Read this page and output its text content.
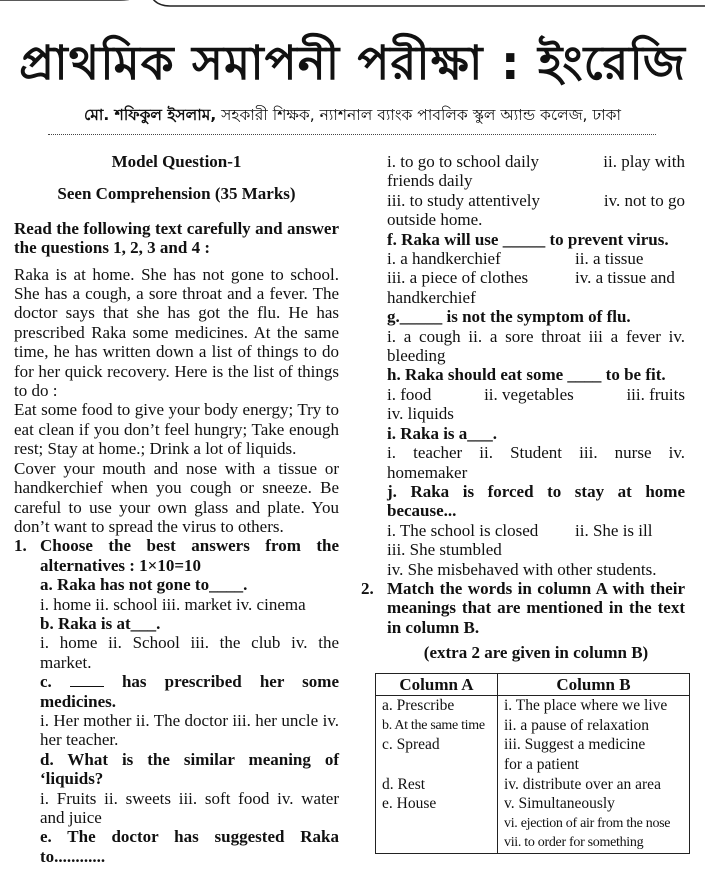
প্রাথমিক সমাপনী পরীক্ষা : ইংরেজি
মো. শফিকুল ইসলাম, সহকারী শিক্ষক, ন্যাশনাল ব্যাংক পাবলিক স্কুল অ্যান্ড কলেজ, ঢাকা
Model Question-1
Seen Comprehension (35 Marks)
Read the following text carefully and answer the questions 1, 2, 3 and 4 :
Raka is at home. She has not gone to school. She has a cough, a sore throat and a fever. The doctor says that she has got the flu. He has prescribed Raka some medicines. At the same time, he has written down a list of things to do for her quick recovery. Here is the list of things to do :
Eat some food to give your body energy; Try to eat clean if you don’t feel hungry; Take enough rest; Stay at home.; Drink a lot of liquids.
Cover your mouth and nose with a tissue or handkerchief when you cough or sneeze. Be careful to use your own glass and plate. You don’t want to spread the virus to others.
1. Choose the best answers from the alternatives : 1×10=10
a. Raka has not gone to____.
i. home ii. school iii. market iv. cinema
b. Raka is at___.
i. home ii. School iii. the club iv. the market.
c.  has prescribed her some medicines.
i. Her mother ii. The doctor iii. her uncle iv. her teacher.
d. What is the similar meaning of ‘liquids?
i. Fruits ii. sweets iii. soft food iv. water and juice
e. The doctor has suggested Raka to............
i. to go to school daily	ii. play with
friends daily
iii. to study attentively	iv. not to go
outside home.
f. Raka will use _____ to prevent virus.
i. a handkerchief	ii. a tissue
iii. a piece of clothes	iv. a tissue and
handkerchief
g._____ is not the symptom of flu.
i. a cough ii. a sore throat iii a fever iv. bleeding
h. Raka should eat some ____ to be fit.
i. food	ii. vegetables	iii. fruits
iv. liquids
i. Raka is a___.
i. teacher ii. Student iii. nurse iv. homemaker
j. Raka is forced to stay at home because...
i. The school is closed ii. She is ill
iii. She stumbled
iv. She misbehaved with other students.
2. Match the words in column A with their meanings that are mentioned in the text in column B.
(extra 2 are given in column B)
Column A	Column B
a. Prescribe	i. The place where we live
b. At the same time	ii. a pause of relaxation
c. Spread	iii. Suggest a medicine
	for a patient
d. Rest	iv. distribute over an area
e. House	v. Simultaneously
	vi. ejection of air from the nose
	vii. to order for something
